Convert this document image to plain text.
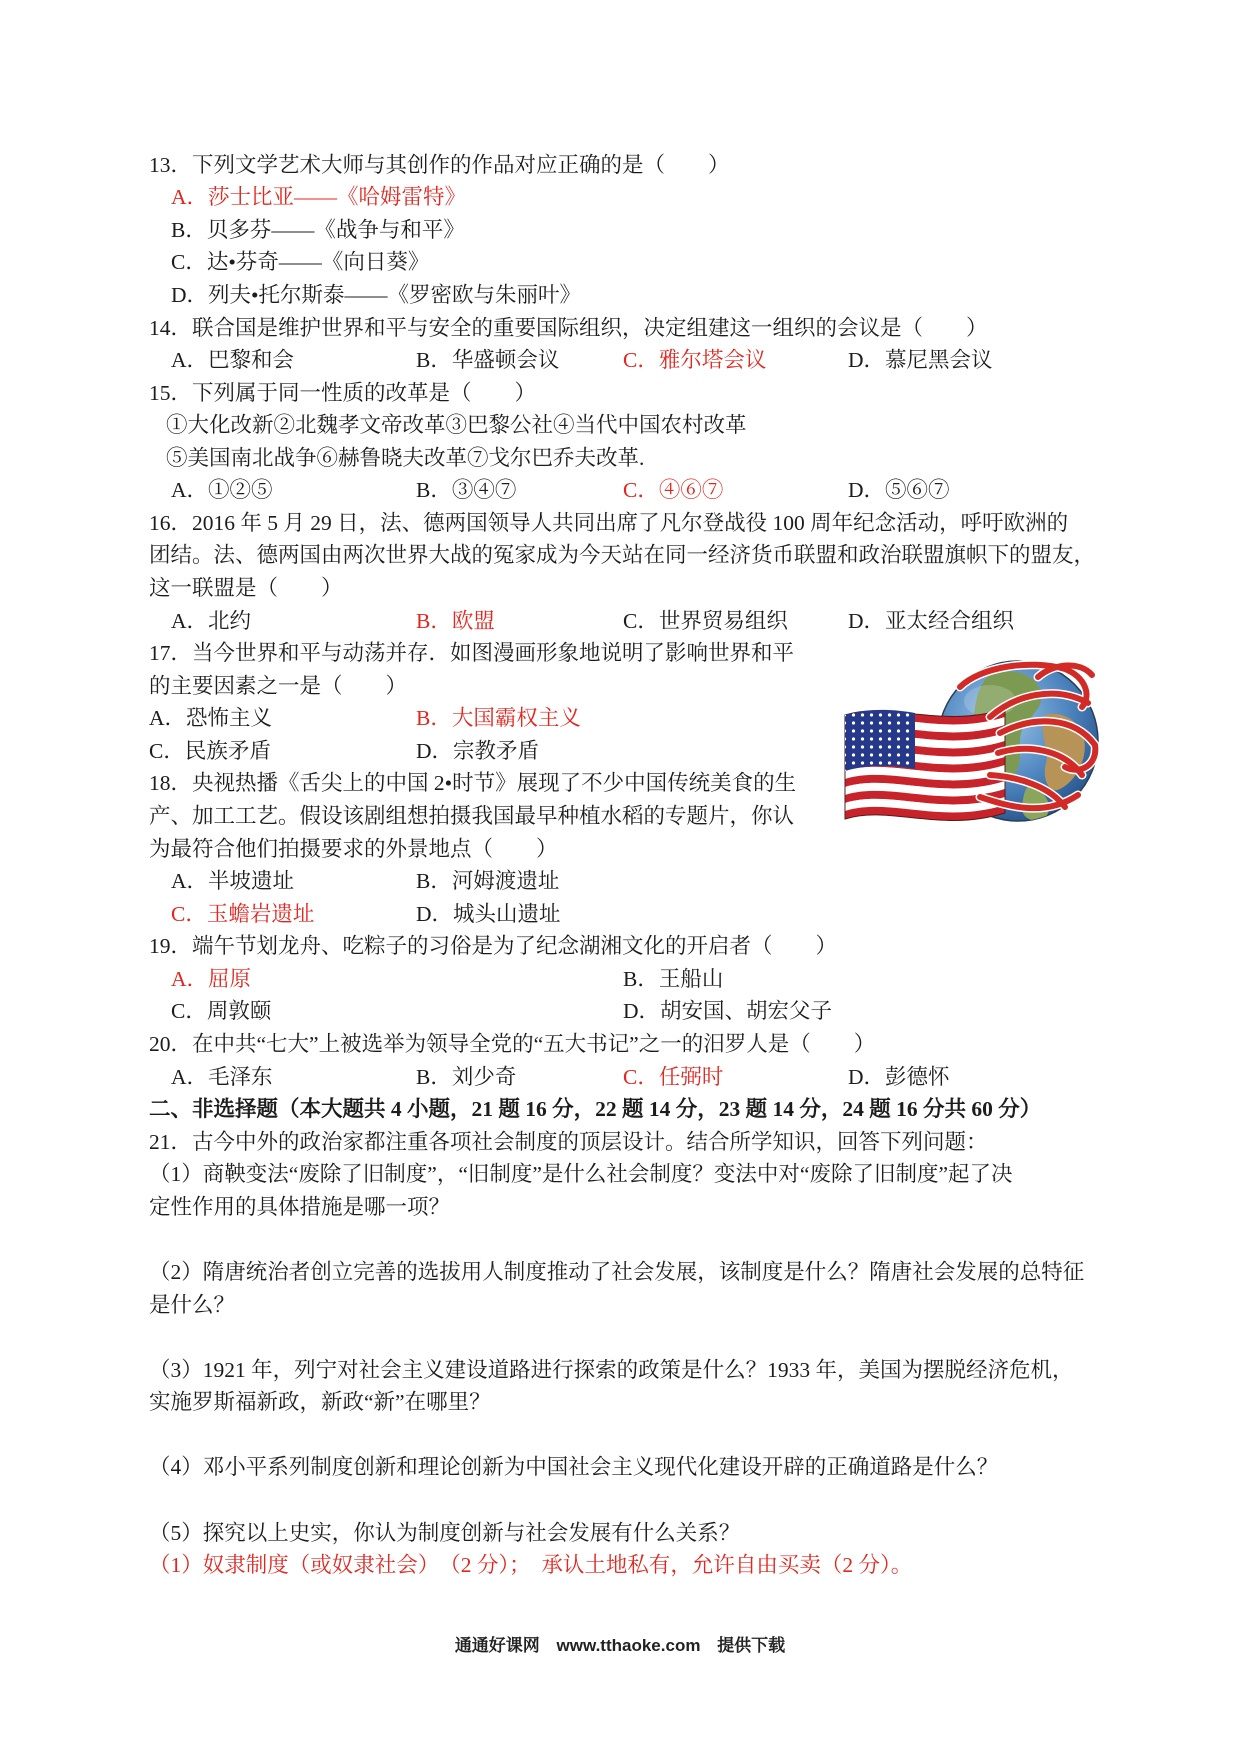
13．下列文学艺术大师与其创作的作品对应正确的是（　　）
A．莎士比亚——《哈姆雷特》
B．贝多芬——《战争与和平》
C．达•芬奇——《向日葵》
D．列夫•托尔斯泰——《罗密欧与朱丽叶》
14．联合国是维护世界和平与安全的重要国际组织，决定组建这一组织的会议是（　　）
A．巴黎和会	B．华盛顿会议	C．雅尔塔会议	D．慕尼黑会议
15．下列属于同一性质的改革是（　　）
①大化改新②北魏孝文帝改革③巴黎公社④当代中国农村改革
⑤美国南北战争⑥赫鲁晓夫改革⑦戈尔巴乔夫改革.
A．①②⑤	B．③④⑦	C．④⑥⑦	D．⑤⑥⑦
16．2016 年 5 月 29 日，法、德两国领导人共同出席了凡尔登战役 100 周年纪念活动，呼吁欧洲的
团结。法、德两国由两次世界大战的冤家成为今天站在同一经济货币联盟和政治联盟旗帜下的盟友，
这一联盟是（　　）
A．北约	B．欧盟	C．世界贸易组织	D．亚太经合组织
17．当今世界和平与动荡并存．如图漫画形象地说明了影响世界和平
的主要因素之一是（　　）
A．恐怖主义	B．大国霸权主义
C．民族矛盾	D．宗教矛盾
18．央视热播《舌尖上的中国 2•时节》展现了不少中国传统美食的生
产、加工工艺。假设该剧组想拍摄我国最早种植水稻的专题片，你认
为最符合他们拍摄要求的外景地点（　　）
A．半坡遗址	B．河姆渡遗址
C．玉蟾岩遗址	D．城头山遗址
19．端午节划龙舟、吃粽子的习俗是为了纪念湖湘文化的开启者（　　）
A．屈原	B．王船山
C．周敦颐	D．胡安国、胡宏父子
20．在中共“七大”上被选举为领导全党的“五大书记”之一的汨罗人是（　　）
A．毛泽东	B．刘少奇	C．任弼时	D．彭德怀
二、非选择题（本大题共 4 小题，21 题 16 分，22 题 14 分，23 题 14 分，24 题 16 分共 60 分）
21．古今中外的政治家都注重各项社会制度的顶层设计。结合所学知识，回答下列问题：
（1）商鞅变法“废除了旧制度”，“旧制度”是什么社会制度？变法中对“废除了旧制度”起了决
定性作用的具体措施是哪一项？
（2）隋唐统治者创立完善的选拔用人制度推动了社会发展，该制度是什么？隋唐社会发展的总特征
是什么？
（3）1921 年，列宁对社会主义建设道路进行探索的政策是什么？1933 年，美国为摆脱经济危机，
实施罗斯福新政，新政“新”在哪里？
（4）邓小平系列制度创新和理论创新为中国社会主义现代化建设开辟的正确道路是什么？
（5）探究以上史实，你认为制度创新与社会发展有什么关系？
（1）奴隶制度（或奴隶社会）　（2 分）；　承认土地私有，允许自由买卖（2 分）。
通通好课网 www.tthaoke.com 提供下载
